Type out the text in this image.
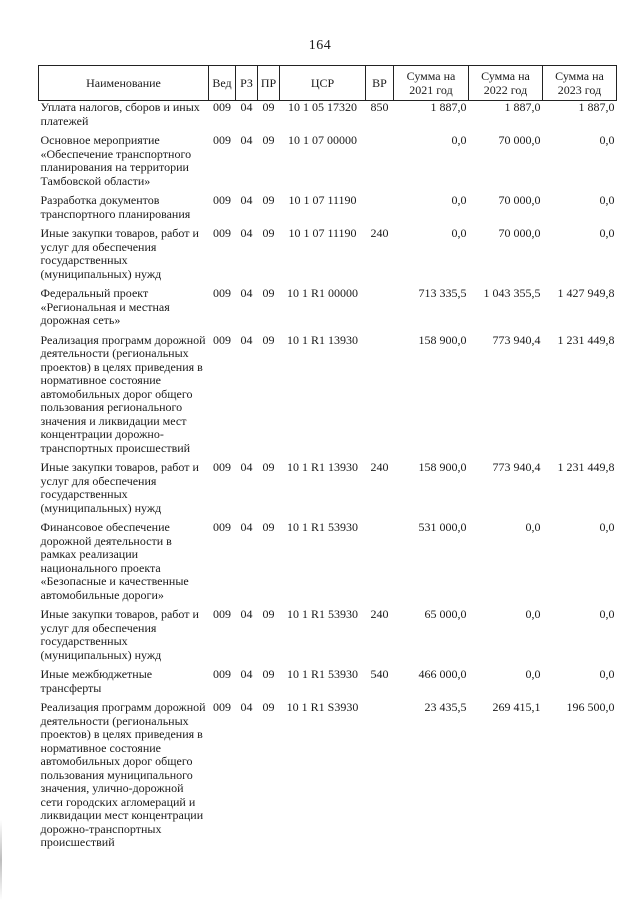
164
Наименование	Вед	РЗ	ПР	ЦСР	ВР	Сумма на 2021 год	Сумма на 2022 год	Сумма на 2023 год
Уплата налогов, сборов и иных платежей	009	04	09	10 1 05 17320	850	1 887,0	1 887,0	1 887,0
Основное мероприятие «Обеспечение транспортного планирования на территории Тамбовской области»	009	04	09	10 1 07 00000		0,0	70 000,0	0,0
Разработка документов транспортного планирования	009	04	09	10 1 07 11190		0,0	70 000,0	0,0
Иные закупки товаров, работ и услуг для обеспечения государственных (муниципальных) нужд	009	04	09	10 1 07 11190	240	0,0	70 000,0	0,0
Федеральный проект «Региональная и местная дорожная сеть»	009	04	09	10 1 R1 00000		713 335,5	1 043 355,5	1 427 949,8
Реализация программ дорожной деятельности (региональных проектов) в целях приведения в нормативное состояние автомобильных дорог общего пользования регионального значения и ликвидации мест концентрации дорожно-транспортных происшествий	009	04	09	10 1 R1 13930		158 900,0	773 940,4	1 231 449,8
Иные закупки товаров, работ и услуг для обеспечения государственных (муниципальных) нужд	009	04	09	10 1 R1 13930	240	158 900,0	773 940,4	1 231 449,8
Финансовое обеспечение дорожной деятельности в рамках реализации национального проекта «Безопасные и качественные автомобильные дороги»	009	04	09	10 1 R1 53930		531 000,0	0,0	0,0
Иные закупки товаров, работ и услуг для обеспечения государственных (муниципальных) нужд	009	04	09	10 1 R1 53930	240	65 000,0	0,0	0,0
Иные межбюджетные трансферты	009	04	09	10 1 R1 53930	540	466 000,0	0,0	0,0
Реализация программ дорожной деятельности (региональных проектов) в целях приведения в нормативное состояние автомобильных дорог общего пользования муниципального значения, улично-дорожной сети городских агломераций и ликвидации мест концентрации дорожно-транспортных происшествий	009	04	09	10 1 R1 S3930		23 435,5	269 415,1	196 500,0
